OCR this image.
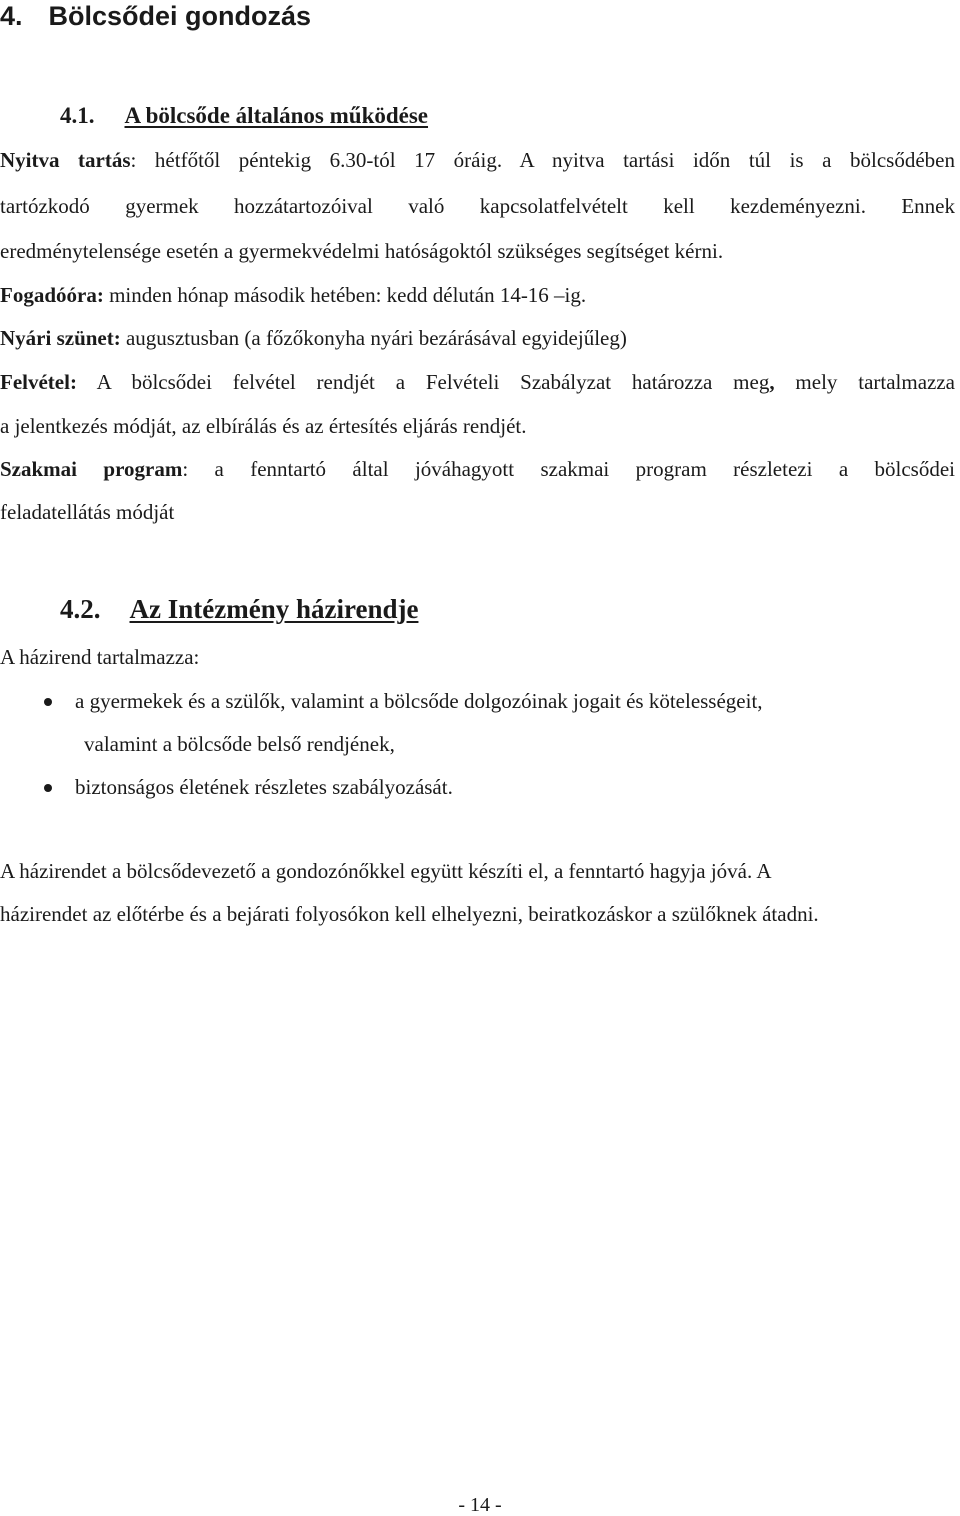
4. Bölcsődei gondozás
4.1. A bölcsőde általános működése
Nyitva tartás: hétfőtől péntekig 6.30-tól 17 óráig. A nyitva tartási időn túl is a bölcsődében
tartózkodó gyermek hozzátartozóival való kapcsolatfelvételt kell kezdeményezni. Ennek
eredménytelensége esetén a gyermekvédelmi hatóságoktól szükséges segítséget kérni.
Fogadóóra: minden hónap második hetében: kedd délután 14-16 –ig.
Nyári szünet: augusztusban (a főzőkonyha nyári bezárásával egyidejűleg)
Felvétel: A bölcsődei felvétel rendjét a Felvételi Szabályzat határozza meg, mely tartalmazza
a jelentkezés módját, az elbírálás és az értesítés eljárás rendjét.
Szakmai program: a fenntartó által jóváhagyott szakmai program részletezi a bölcsődei
feladatellátás módját
4.2. Az Intézmény házirendje
A házirend tartalmazza:
a gyermekek és a szülők, valamint a bölcsőde dolgozóinak jogait és kötelességeit,
valamint a bölcsőde belső rendjének,
biztonságos életének részletes szabályozását.
A házirendet a bölcsődevezető a gondozónőkkel együtt készíti el, a fenntartó hagyja jóvá. A
házirendet az előtérbe és a bejárati folyosókon kell elhelyezni, beiratkozáskor a szülőknek átadni.
- 14 -
